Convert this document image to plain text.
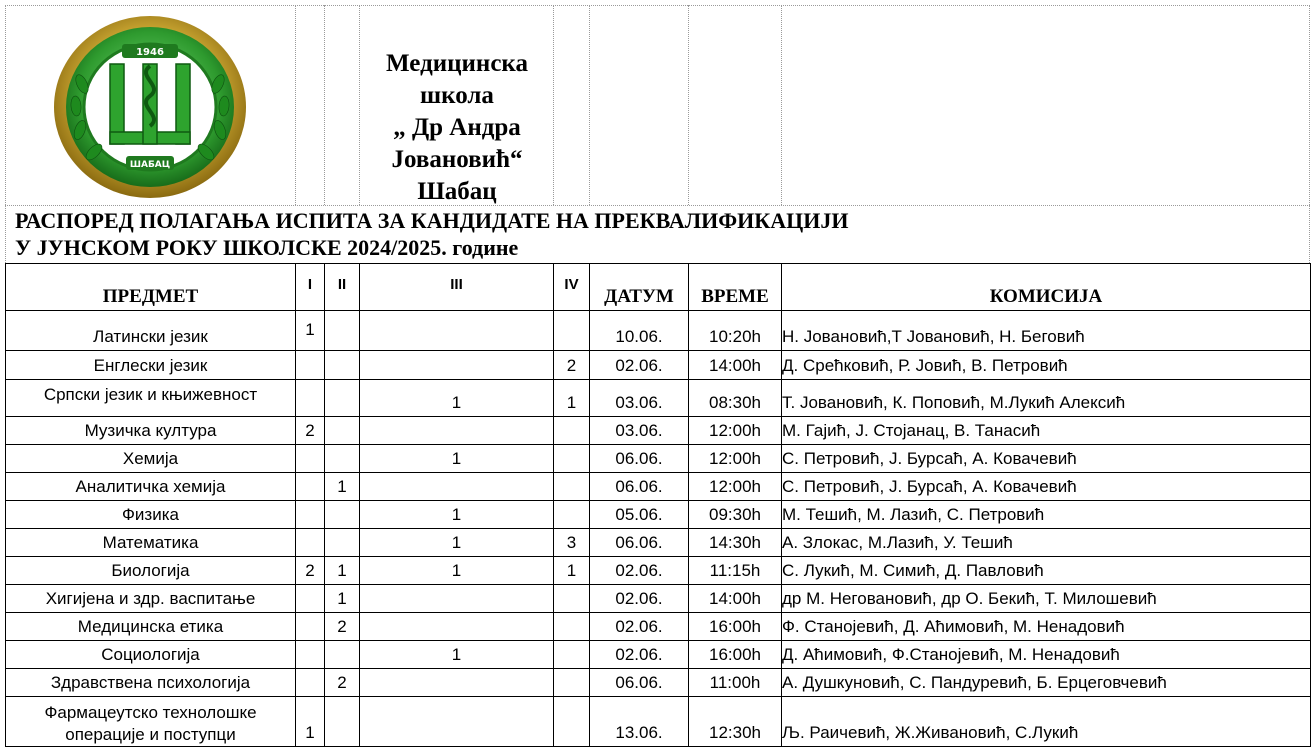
1946
ШАБАЦ
Медицинска
школа
„ Др Андра
Јовановић“
Шабац
РАСПОРЕД ПОЛАГАЊА ИСПИТА ЗА КАНДИДАТЕ НА ПРЕКВАЛИФИКАЦИЈИ
У ЈУНСКОМ РОКУ ШКОЛСКЕ 2024/2025. године
ПРЕДМЕТ	I	II	III	IV	ДАТУМ	ВРЕМЕ	КОМИСИЈА
Латински језик	1				10.06.	10:20h	Н. Јовановић,Т Јовановић, Н. Беговић
Енглески језик				2	02.06.	14:00h	Д. Срећковић, Р. Јовић, В. Петровић
Српски језик и књижевност			1	1	03.06.	08:30h	Т. Јовановић, К. Поповић, М.Лукић Алексић
Музичка култура	2				03.06.	12:00h	М. Гајић, Ј. Стојанац, В. Танасић
Хемија			1		06.06.	12:00h	С. Петровић, Ј. Бурсаћ, А. Ковачевић
Аналитичка хемија		1			06.06.	12:00h	С. Петровић, Ј. Бурсаћ, А. Ковачевић
Физика			1		05.06.	09:30h	М. Тешић, М. Лазић, С. Петровић
Математика			1	3	06.06.	14:30h	А. Злокас, М.Лазић, У. Тешић
Биологија	2	1	1	1	02.06.	11:15h	С. Лукић, М. Симић, Д. Павловић
Хигијена и здр. васпитање		1			02.06.	14:00h	др М. Неговановић, др О. Бекић, Т. Милошевић
Медицинска етика		2			02.06.	16:00h	Ф. Станојевић, Д. Аћимовић, М. Ненадовић
Социологија			1		02.06.	16:00h	Д. Аћимовић, Ф.Станојевић, М. Ненадовић
Здравствена психологија		2			06.06.	11:00h	А. Душкуновић, С. Пандуревић, Б. Ерцеговчевић
Фармацеутско технолошке операције и поступци	1				13.06.	12:30h	Љ. Раичевић, Ж.Живановић, С.Лукић
